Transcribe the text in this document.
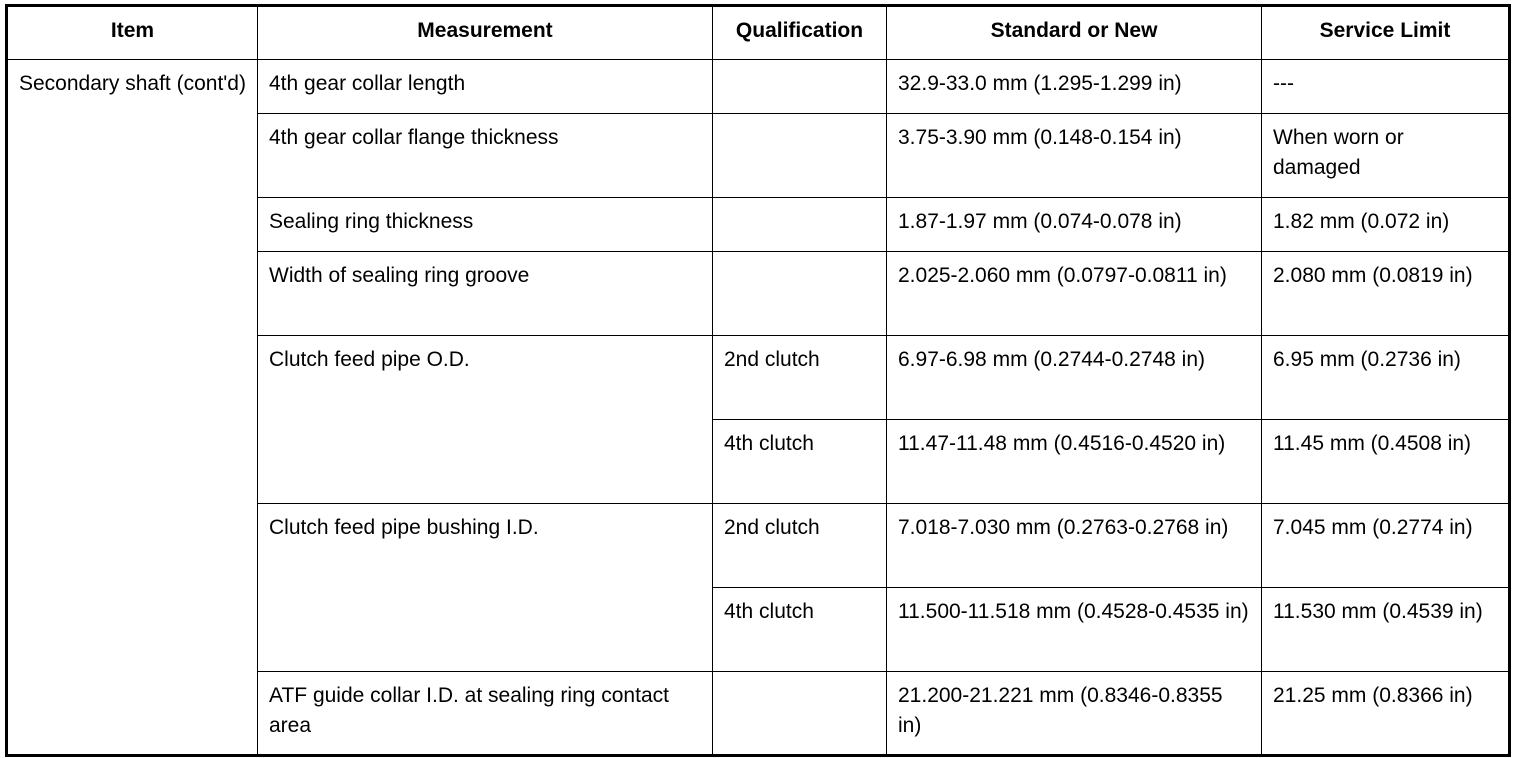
Item	Measurement	Qualification	Standard or New	Service Limit
Secondary shaft (cont'd)	4th gear collar length		32.9-33.0 mm (1.295-1.299 in)	---
	4th gear collar flange thickness		3.75-3.90 mm (0.148-0.154 in)	When worn or damaged
	Sealing ring thickness		1.87-1.97 mm (0.074-0.078 in)	1.82 mm (0.072 in)
	Width of sealing ring groove		2.025-2.060 mm (0.0797-0.0811 in)	2.080 mm (0.0819 in)
	Clutch feed pipe O.D.	2nd clutch	6.97-6.98 mm (0.2744-0.2748 in)	6.95 mm (0.2736 in)
		4th clutch	11.47-11.48 mm (0.4516-0.4520 in)	11.45 mm (0.4508 in)
	Clutch feed pipe bushing I.D.	2nd clutch	7.018-7.030 mm (0.2763-0.2768 in)	7.045 mm (0.2774 in)
		4th clutch	11.500-11.518 mm (0.4528-0.4535 in)	11.530 mm (0.4539 in)
	ATF guide collar I.D. at sealing ring contact area		21.200-21.221 mm (0.8346-0.8355 in)	21.25 mm (0.8366 in)
